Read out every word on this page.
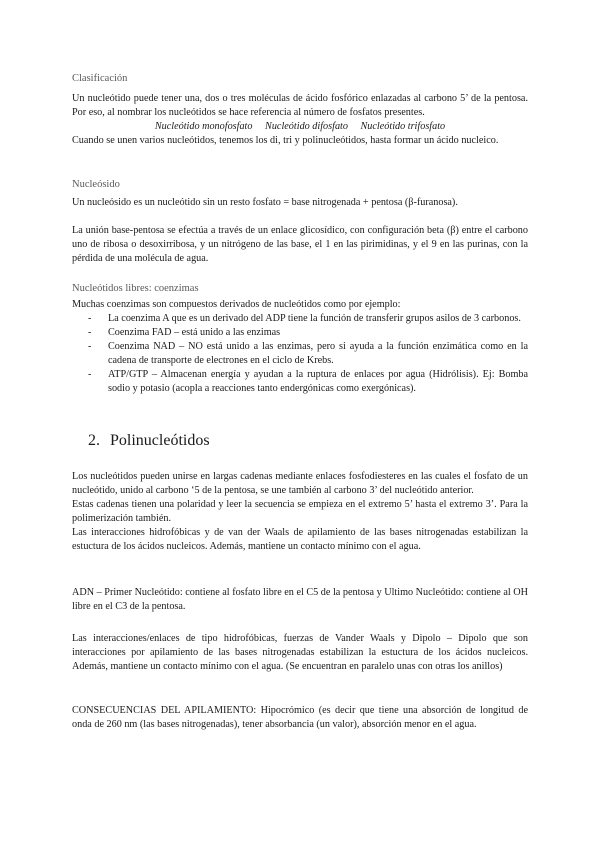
Clasificación

Un nucleótido puede tener una, dos o tres moléculas de ácido fosfórico enlazadas al carbono 5’ de la pentosa. Por eso, al nombrar los nucleótidos se hace referencia al número de fosfatos presentes.

Nucleótido monofosfato Nucleótido difosfato Nucleótido trifosfato

Cuando se unen varios nucleótidos, tenemos los di, tri y polinucleótidos, hasta formar un ácido nucleico.

Nucleósido
Un nucleósido es un nucleótido sin un resto fosfato = base nitrogenada + pentosa (β-furanosa).
La unión base-pentosa se efectúa a través de un enlace glicosídico, con configuración beta (β) entre el carbono uno de ribosa o desoxirribosa, y un nitrógeno de las base, el 1 en las pirimidinas, y el 9 en las purinas, con la pérdida de una molécula de agua.
Nucleótidos libres: coenzimas

Muchas coenzimas son compuestos derivados de nucleótidos como por ejemplo:

- La coenzima A que es un derivado del ADP tiene la función de transferir grupos asilos de 3 carbonos.
- Coenzima FAD – está unido a las enzimas
- Coenzima NAD – NO está unido a las enzimas, pero si ayuda a la función enzimática como en la cadena de transporte de electrones en el ciclo de Krebs.
- ATP/GTP – Almacenan energía y ayudan a la ruptura de enlaces por agua (Hidrólisis). Ej: Bomba sodio y potasio (acopla a reacciones tanto endergónicas como exergónicas).
2. Polinucleótidos

Los nucleótidos pueden unirse en largas cadenas mediante enlaces fosfodiesteres en las cuales el fosfato de un nucleótido, unido al carbono ‘5 de la pentosa, se une también al carbono 3’ del nucleótido anterior.

Estas cadenas tienen una polaridad y leer la secuencia se empieza en el extremo 5’ hasta el extremo 3’. Para la polimerización también.

Las interacciones hidrofóbicas y de van der Waals de apilamiento de las bases nitrogenadas estabilizan la estuctura de los ácidos nucleicos. Además, mantiene un contacto mínimo con el agua.

ADN – Primer Nucleótido: contiene al fosfato libre en el C5 de la pentosa y Ultimo Nucleótido: contiene al OH libre en el C3 de la pentosa.
Las interacciones/enlaces de tipo hidrofóbicas, fuerzas de Vander Waals y Dipolo – Dipolo que son interacciones por apilamiento de las bases nitrogenadas estabilizan la estuctura de los ácidos nucleicos. Además, mantiene un contacto mínimo con el agua. (Se encuentran en paralelo unas con otras los anillos)
CONSECUENCIAS DEL APILAMIENTO: Hipocrómico (es decir que tiene una absorción de longitud de onda de 260 nm (las bases nitrogenadas), tener absorbancia (un valor), absorción menor en el agua.
